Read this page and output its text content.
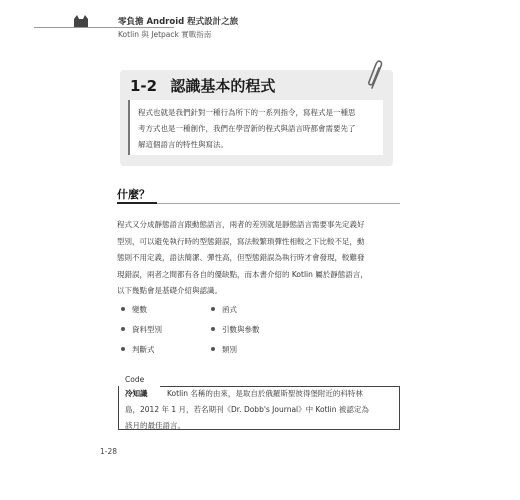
零負擔 Android 程式設計之旅
Kotlin 與 Jetpack 實戰指南
1-2 認識基本的程式
程式也就是我們針對一種行為所下的一系列指令，寫程式是一種思
考方式也是一種創作，我們在學習新的程式與語言時都會需要先了
解這個語言的特性與寫法。
什麼？
程式又分成靜態語言跟動態語言，兩者的差別就是靜態語言需要事先定義好
型別，可以避免執行時的型態錯誤，寫法較繁瑣彈性相較之下比較不足，動
態則不用定義，語法簡潔、彈性高，但型態錯誤為執行時才會發現，較難發
現錯誤，兩者之間都有各自的優缺點，而本書介紹的 Kotlin 屬於靜態語言，
以下幾點會是基礎介紹與認識。
變數	函式
資料型別	引數與參數
判斷式	類別
Code
冷知識	Kotlin 名稱的由來，是取自於俄羅斯聖彼得堡附近的科特林
島，2012 年 1 月，若名期刊《Dr. Dobb's Journal》中 Kotlin 被認定為
該月的最佳語言。
1-28
